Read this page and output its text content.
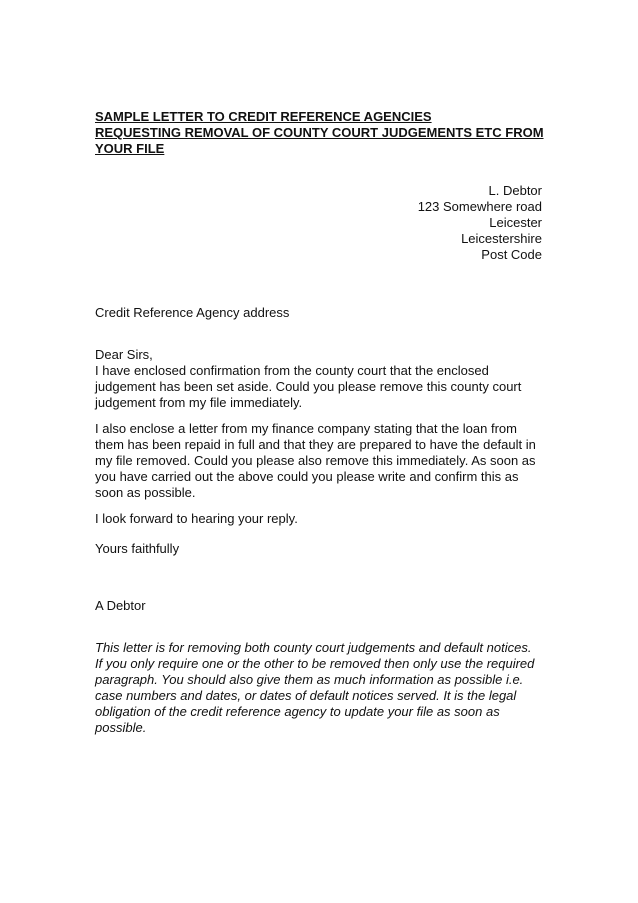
SAMPLE LETTER TO CREDIT REFERENCE AGENCIES
REQUESTING REMOVAL OF COUNTY COURT JUDGEMENTS ETC FROM
YOUR FILE
L. Debtor
123 Somewhere road
Leicester
Leicestershire
Post Code
Credit Reference Agency address
Dear Sirs,
I have enclosed confirmation from the county court that the enclosed
judgement has been set aside. Could you please remove this county court
judgement from my file immediately.
I also enclose a letter from my finance company stating that the loan from
them has been repaid in full and that they are prepared to have the default in
my file removed. Could you please also remove this immediately. As soon as
you have carried out the above could you please write and confirm this as
soon as possible.
I look forward to hearing your reply.
Yours faithfully
A Debtor
This letter is for removing both county court judgements and default notices.
If you only require one or the other to be removed then only use the required
paragraph. You should also give them as much information as possible i.e.
case numbers and dates, or dates of default notices served. It is the legal
obligation of the credit reference agency to update your file as soon as
possible.
